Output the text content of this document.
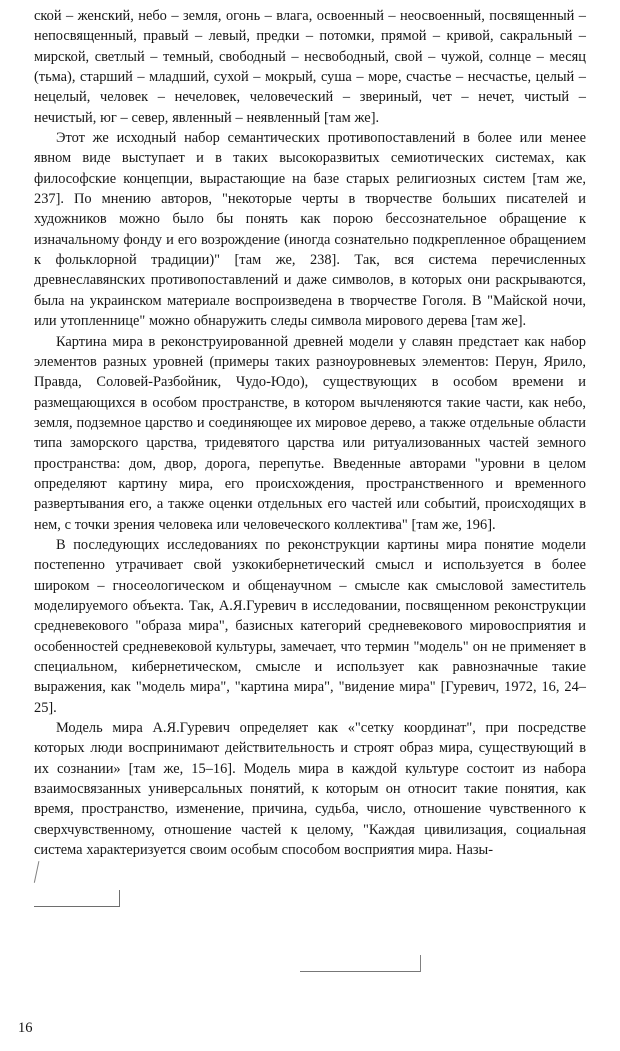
ской – женский, небо – земля, огонь – влага, освоенный – неосвоенный, посвященный – непосвященный, правый – левый, предки – потомки, прямой – кривой, сакральный – мирской, светлый – темный, свободный – несвободный, свой – чужой, солнце – месяц (тьма), старший – младший, сухой – мокрый, суша – море, счастье – несчастье, целый – нецелый, человек – нечеловек, человеческий – звериный, чет – нечет, чистый – нечистый, юг – север, явленный – неявленный [там же].

Этот же исходный набор семантических противопоставлений в более или менее явном виде выступает и в таких высокоразвитых семиотических системах, как философские концепции, вырастающие на базе старых религиозных систем [там же, 237]. По мнению авторов, "некоторые черты в творчестве больших писателей и художников можно было бы понять как порою бессознательное обращение к изначальному фонду и его возрождение (иногда сознательно подкрепленное обращением к фольклорной традиции)" [там же, 238]. Так, вся система перечисленных древнеславянских противопоставлений и даже символов, в которых они раскрываются, была на украинском материале воспроизведена в творчестве Гоголя. В "Майской ночи, или утопленнице" можно обнаружить следы символа мирового дерева [там же].

Картина мира в реконструированной древней модели у славян предстает как набор элементов разных уровней (примеры таких разноуровневых элементов: Перун, Ярило, Правда, Соловей-Разбойник, Чудо-Юдо), существующих в особом времени и размещающихся в особом пространстве, в котором вычленяются такие части, как небо, земля, подземное царство и соединяющее их мировое дерево, а также отдельные области типа заморского царства, тридевятого царства или ритуализованных частей земного пространства: дом, двор, дорога, перепутье. Введенные авторами "уровни в целом определяют картину мира, его происхождения, пространственного и временного развертывания его, а также оценки отдельных его частей или событий, происходящих в нем, с точки зрения человека или человеческого коллектива" [там же, 196].

В последующих исследованиях по реконструкции картины мира понятие модели постепенно утрачивает свой узкокибернетический смысл и используется в более широком – гносеологическом и общенаучном – смысле как смысловой заместитель моделируемого объекта. Так, А.Я.Гуревич в исследовании, посвященном реконструкции средневекового "образа мира", базисных категорий средневекового мировосприятия и особенностей средневековой культуры, замечает, что термин "модель" он не применяет в специальном, кибернетическом, смысле и использует как равнозначные такие выражения, как "модель мира", "картина мира", "видение мира" [Гуревич, 1972, 16, 24–25].

Модель мира А.Я.Гуревич определяет как «"сетку координат", при посредстве которых люди воспринимают действительность и строят образ мира, существующий в их сознании» [там же, 15–16]. Модель мира в каждой культуре состоит из набора взаимосвязанных универсальных понятий, к которым он относит такие понятия, как время, пространство, изменение, причина, судьба, число, отношение чувственного к сверхчувственному, отношение частей к целому, "Каждая цивилизация, социальная система характеризуется своим особым способом восприятия мира. Назы-

16
